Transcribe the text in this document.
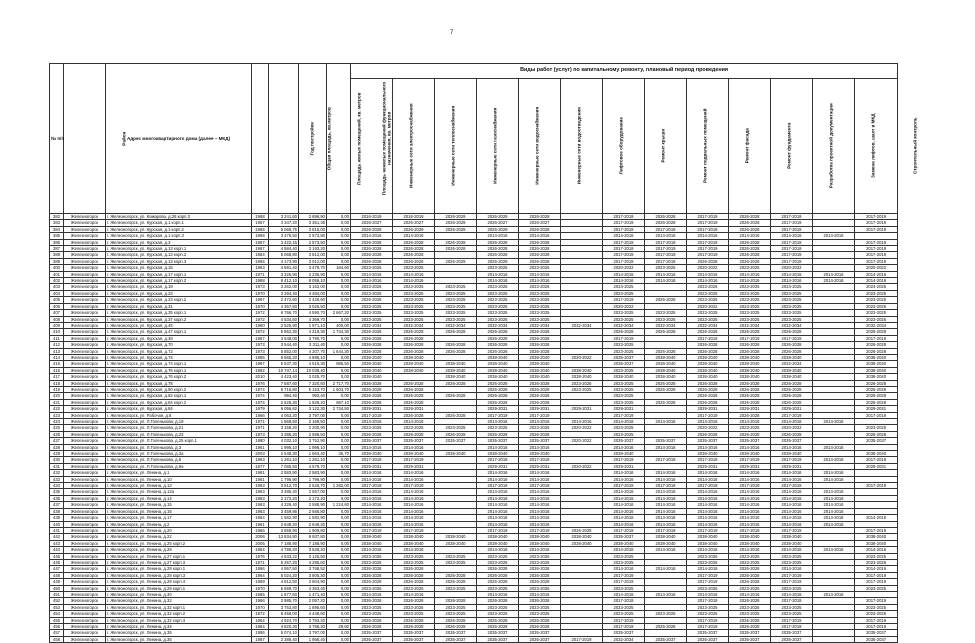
7
№ п/п	Район	Адрес многоквартирного дома (далее – МКД)	Год постройки	Общая площадь, кв.метров	Площадь жилых помещений, кв. метров	Площадь нежилых помещений функционального назначения, кв. метров	Виды работ (услуг) по капитальному ремонту, плановый период проведения												
							Инженерные сети электроснабжения	Инженерные сети теплоснабжения	Инженерные сети газоснабжения	Инженерные сети водоснабжения	Инженерные сети водоотведения	Лифтовое оборудование	Ремонт крыши	Ремонт подвальных помещений	Ремонт фасада	Ремонт фундамента	Разработка проектной документации	Замена лифтов, шахт в МКД	Строительный контроль
382	Железногорск	г. Железногорск, ул. Комарова, д.28 корп.3	1968	3 241,60	2 696,90	0,00	2016-2019	2016-2019	2026-2029	2026-2029	2026-2028		2017-2019	2026-2028	2017-2019	2026-2028	2017-2019		2017-2019
383	Железногорск	г. Железногорск, ул. Курская, д.1 корп.1	1967	4 347,20	3 351,35	0,00	2026-2027	2026-2027	2026-2029	2026-2027	2026-2027		2017-2019	2026-2028	2017-2019	2026-2028	2017-2019		2017-2019
384	Железногорск	г. Железногорск, ул. Курская, д.1 корп.2	1965	5 066,75	3 815,00	0,00	2026-2029	2026-2029	2026-2028	2026-2029	2026-2028		2017-2019	2017-2019	2017-2019	2026-2028	2017-2019		2017-2019
385	Железногорск	г. Железногорск, ул. Курская, д.1 корп.3	1968	3 476,50	2 573,80	0,00	2014-2016	2014-2016		2014-2016	2014-2016		2014-2016	2014-2016	2014-2016	2014-2016	2014-2016	2014-2016	
386	Железногорск	г. Железногорск, ул. Курская, д.3	1967	3 422,15	2 573,50	0,00	2026-2028	2026-2028	2026-2028	2026-2028	2026-2028		2017-2019	2017-2019	2017-2019	2026-2028	2017-2019		2017-2019
387	Железногорск	г. Железногорск, ул. Курская, д.13 корп.1	1967	4 584,40	3 193,20	0,00	2026-2028	2026-2028	2026-2028	2026-2028	2026-2028		2017-2019	2017-2019	2017-2019	2026-2028	2017-2019		2017-2019
388	Железногорск	г. Железногорск, ул. Курская, д.13 корп.2	1964	5 068,80	3 812,00	0,00	2026-2028	2026-2028		2026-2028	2026-2028		2017-2019	2017-2019	2017-2019	2026-2028	2017-2019		2017-2019
389	Железногорск	г. Железногорск, ул. Курская, д.13 корп.3	1965	4 173,90	3 012,00	0,00	2026-2028	2026-2028	2026-2029	2026-2029	2026-2028		2017-2019	2017-2019	2026-2028	2026-2028	2017-2019		2017-2019
400	Железногорск	г. Железногорск, ул. Курская, д.15	1963	4 591,40	3 479,70	164,60	2023-2025	2023-2025		2023-2025	2023-2025		2020-2022	2023-2025	2020-2022	2023-2025	2020-2022		2020-2022
401	Железногорск	г. Железногорск, ул. Курская, д.17 корп.1	1971	3 325,90	3 235,90	0,00	2014-2016	2014-2016		2014-2016	2014-2016		2014-2016	2014-2016	2014-2016	2014-2016	2014-2016	2014-2016	2014-2016
402	Железногорск	г. Железногорск, ул. Курская, д.17 корп.2	1988	8 412,10	8 059,10	0,00	2014-2016	2014-2016		2014-2016	2014-2016		2014-2016	2014-2016	2014-2016	2014-2016	2014-2016	2014-2016	2014-2016
403	Железногорск	г. Железногорск, ул. Курская, д.19	1973	3 262,00	3 162,00	0,00	2023-2025	2023-2025	2023-2025	2023-2025	2023-2025		2023-2025		2023-2025	2023-2025	2023-2025		2023-2025
404	Железногорск	г. Железногорск, ул. Курская, д.23	1970	3 294,40	4 484,00	0,00	2023-2025	2023-2025	2023-2025	2023-2025	2023-2025		2023-2025		2023-2025	2023-2025	2023-2025		2023-2025
405	Железногорск	г. Железногорск, ул. Курская, д.23 корп.2	1967	2 472,60	2 426,60	0,00	2026-2028	2023-2025	2023-2025	2023-2025	2023-2025		2017-2019	2026-2028	2023-2025	2023-2025	2023-2025		2023-2025
406	Железногорск	г. Железногорск, ул. Курская, д.31	1970	4 357,50	3 025,50	0,00	2023-2025	2023-2025	2023-2025	2023-2025	2023-2025		2020-2022		2020-2022	2023-2025	2023-2025		2023-2025
407	Железногорск	г. Железногорск, ул. Курская, д.35 корп.1	1972	6 766,70	4 590,70	2 667,20	2023-2025	2023-2025	2023-2025	2023-2025	2023-2025		2023-2025	2023-2025	2023-2025	2023-2025	2023-2025		2023-2025
408	Железногорск	г. Железногорск, ул. Курская, д.37 корп.2	1972	4 534,50	4 369,70	0,00	2023-2025	2023-2025	2023-2025	2023-2025	2023-2025		2023-2025	2023-2025	2023-2025	2023-2025	2023-2025		2023-2025
409	Железногорск	г. Железногорск, ул. Курская, д.45	1980	2 525,90	1 971,10	400,00	2032-2034	2032-2034	2032-2034	2032-2034	2032-2034	2032-2034	2032-2034	2032-2034	2032-2034	2032-2034	2032-2034		2032-2034
410	Железногорск	г. Железногорск, ул. Курская, д.47 корп.1	1972	5 852,30	4 218,30	1 734,30	2026-2028	2026-2028	2026-2028	2026-2028	2026-2028		2026-2028	2026-2028	2026-2028	2026-2028	2026-2028		2026-2028
411	Железногорск	г. Железногорск, ул. Курская, д.48	1967	3 548,00	3 790,70	0,00	2026-2028	2026-2028		2026-2028	2026-2028		2017-2019		2017-2019	2017-2019	2017-2019		2017-2019
412	Железногорск	г. Железногорск, ул. Курская, д.70	1973	3 544,40	3 311,40	0,00	2026-2028	2026-2028	2026-2028	2026-2028	2026-2028		2023-2025		2026-2028	2026-2028	2026-2028		2026-2028
413	Железногорск	г. Железногорск, ул. Курская, д.72	1973	5 852,00	4 207,70	1 644,30	2026-2028	2026-2028	2026-2028	2026-2028	2026-2028		2023-2025	2026-2028	2026-2028	2026-2028	2026-2028		2026-2028
414	Железногорск	г. Железногорск, ул. Курская, д.74	1985	6 565,20	4 885,10	0,00	2038-2040	2038-2040		2038-2040	2038-2040	2020-2022	2035-2037	2038-2040	2038-2040	2038-2040	2038-2040		2038-2040
415	Железногорск	г. Железногорск, ул. Курская, д.74 корп.1	1987	5 537,30	4 516,30	885,50	2038-2040	2038-2040	2038-2040	2038-2040	2038-2040		2035-2037	2038-2040	2038-2040	2038-2040	2032-2034		2038-2040
416	Железногорск	г. Железногорск, ул. Курская, д.76 корп.1	1992	10 747,14	10 039,40	0,00	2038-2040	2038-2040	2038-2040	2038-2040	2038-2040	2038-2040	2023-2025	2038-2040	2038-2040	2038-2040	2038-2040		2038-2040
417	Железногорск	г. Железногорск, ул. Курская, д.76 корп.2	2010	4 423,40	3 025,70	0,00	2038-2040		2038-2040	2038-2040	2038-2040	2038-2040	2038-2040	2038-2040	2038-2040	2038-2040	2038-2040		2038-2040
418	Железногорск	г. Железногорск, ул. Курская, д.78	1976	7 587,60	7 320,60	2 717,70	2026-2028	2026-2028	2026-2028	2026-2028	2026-2028	2023-2025	2023-2025	2026-2028	2026-2028	2026-2028	2026-2028		2026-2028
419	Железногорск	г. Железногорск, ул. Курская, д.80 корп.2	1974	6 716,80	5 153,70	1 603,70	2026-2028	2026-2028		2026-2028	2026-2028	2023-2025	2023-2025	2026-2028	2026-2028	2026-2028	2026-2028		2026-2028
420	Железногорск	г. Железногорск, ул. Курская, д.82 корп.1	1974	994,40	993,40	0,00	2026-2028	2026-2028	2026-2028	2026-2028	2026-2028		2023-2025		2026-2028	2026-2028	2026-2028		2026-2028
421	Железногорск	г. Железногорск, ул. Курская, д.84 корп.2	1974	2 626,30	1 826,20	887,10	2026-2028	2026-2028		2026-2028	2026-2028		2023-2025	2026-2028	2026-2028	2026-2028	2026-2028		2026-2028
422	Железногорск	г. Железногорск, ул. Курская, д.84	1979	6 056,62	3 122,30	2 734,50	2029-2031	2029-2031		2029-2031	2029-2031	2029-2031	2029-2031		2029-2031	2029-2031	2029-2031		2029-2031
423	Железногорск	г. Железногорск, ул. Рабочая, д.8	1966	4 063,20	3 797,00	0,00	2017-2019	2026-2028	2026-2028	2017-2019	2017-2019		2017-2019		2017-2019	2026-2028	2017-2019		2017-2019
424	Железногорск	г. Железногорск, ул. Л.Голенькова, д.19	1971	1 868,50	2 169,50	0,00	2014-2016	2014-2016		2014-2016	2014-2016	2014-2016	2014-2016	2014-2016	2014-2016	2014-2016	2014-2016	2014-2016	
425	Железногорск	г. Железногорск, ул. Л.Голенькова, д.21	1971	3 158,20	2 200,90	0,00	2023-2025	2023-2025	2023-2025	2023-2025	2023-2025	2020-2022	2023-2025		2020-2022	2023-2025	2020-2022		2023-2025
426	Железногорск	г. Железногорск, ул. Л.Голенькова, д.23	1973	3 386,20	2 588,50	0,00	2026-2028	2026-2028	2026-2028	2026-2028	2026-2028		2023-2025		2026-2028	2026-2028	2026-2028		2026-2028
427	Железногорск	г. Железногорск, ул. Л.Голенькова, д.25 корп.1	1980	4 032,10	3 752,90	0,00	2035-2037	2035-2037	2035-2037	2035-2037	2035-2037	2020-2022	2035-2037	2035-2037	2035-2037	2035-2037	2035-2037		2035-2037
428	Железногорск	г. Железногорск, ул. Л.Голенькова, д.3	1961	1 996,10	1 996,10	0,00	2014-2016	2014-2016		2014-2016	2014-2016		2014-2016	2014-2016	2014-2016	2014-2016	2014-2016	2014-2016	
429	Железногорск	г. Железногорск, ул. Л.Голенькова, д.3а	2003	2 548,30	1 663,40	35,70	2038-2040	2038-2040	2038-2040	2038-2040	2038-2040		2038-2040		2038-2040	2038-2040	2038-2040		2038-2040
430	Железногорск	г. Железногорск, ул. Л.Голенькова, д.5	1963	1 261,10	1 261,10	0,00	2017-2019	2017-2019		2017-2019	2017-2019		2017-2019	2017-2019	2017-2019	2017-2019	2017-2019	2014-2016	2017-2019
431	Железногорск	г. Железногорск, ул. Л.Голенькова, д.9а	1977	7 085,50	4 579,70	0,00	2029-2031	2029-2031		2029-2031	2029-2031	2020-2022	2029-2031		2029-2031	2029-2031	2029-2031		2029-2031
432	Железногорск	г. Железногорск, ул. Ленина, д.1	1961	2 583,90	2 583,90	0,00	2014-2016	2014-2016		2014-2016	2014-2016		2014-2016	2014-2016	2014-2016	2014-2016	2014-2016	2014-2016	
433	Железногорск	г. Железногорск, ул. Ленина, д.10	1961	1 796,90	1 796,90	0,00	2014-2016	2014-2016		2014-2016	2014-2016		2014-2016	2014-2016	2014-2016	2014-2016	2014-2016	2014-2016	
434	Железногорск	г. Железногорск, ул. Ленина, д.12	1963	3 812,70	2 526,70	1 282,00	2017-2019	2017-2019		2017-2019	2017-2019		2017-2019	2017-2019	2017-2019	2017-2019	2017-2019		2017-2019
435	Железногорск	г. Железногорск, ул. Ленина, д.12а	1963	3 485,40	2 557,00	0,00	2014-2016	2014-2016		2014-2016	2014-2016		2014-2016	2014-2016	2014-2016	2014-2016	2014-2016	2014-2016	
436	Железногорск	г. Железногорск, ул. Ленина, д.14	1963	2 172,20	2 172,20	0,00	2014-2016	2014-2016		2014-2016	2014-2016		2014-2016	2014-2016	2014-2016	2014-2016	2014-2016	2014-2016	
437	Железногорск	г. Железногорск, ул. Ленина, д.15	1963	4 226,40	2 588,90	1 224,60	2014-2016	2014-2016		2014-2016	2014-2016		2014-2016	2014-2016	2014-2016	2014-2016	2014-2016	2014-2016	
438	Железногорск	г. Железногорск, ул. Ленина, д.16	1963	3 459,86	2 566,80	0,00	2014-2016	2014-2016		2014-2016	2014-2016		2014-2016	2014-2016	2014-2016	2014-2016	2014-2016	2014-2016	
439	Железногорск	г. Железногорск, ул. Ленина, д.17	1964	1 582,90	1 582,90	0,00	2014-2016	2014-2016		2014-2016	2014-2016		2014-2016	2014-2016	2014-2016	2014-2016	2014-2016	2014-2016	2014-2016
440	Железногорск	г. Железногорск, ул. Ленина, д.2	1961	2 649,20	2 649,20	0,00	2014-2016	2014-2016		2014-2016	2014-2016		2014-2016	2014-2016	2014-2016	2014-2016	2014-2016	2014-2016	
441	Железногорск	г. Железногорск, ул. Ленина, д.20	1966	3 659,90	1 909,80	0,00	2017-2019	2017-2019		2017-2019	2017-2019	2026-2028	2017-2019	2017-2019	2017-2019	2017-2019	2017-2019		2017-2019
442	Железногорск	г. Железногорск, ул. Ленина, д.22	2006	13 834,80	9 937,80	0,00	2038-2040	2038-2040	2038-2040	2038-2040	2038-2040	2038-2040	2035-2037	2038-2040	2038-2040	2038-2040	2038-2040		2038-2040
443	Железногорск	г. Железногорск, ул. Ленина, д.25 корп.2	2005	7 188,90	7 188,90	0,00	2038-2040	2038-2040	2038-2040	2038-2040	2038-2040	2038-2040	2038-2040	2038-2040	2038-2040	2038-2040	2038-2040		2038-2040
444	Железногорск	г. Железногорск, ул. Ленина, д.26	1964	4 786,20	3 526,20	0,00	2014-2016	2014-2016		2014-2016	2014-2016		2014-2016	2014-2016	2014-2016	2014-2016	2014-2016	2014-2016	2014-2016
445	Железногорск	г. Железногорск, ул. Ленина, д.27 корп.1	1976	4 633,22	3 125,50	0,00	2023-2025	2023-2025	2023-2025	2023-2025	2023-2025		2023-2025		2023-2025	2023-2025	2023-2025		2023-2025
446	Железногорск	г. Железногорск, ул. Ленина, д.27 корп.3	1971	5 257,20	4 295,60	0,00	2023-2025	2023-2025	2023-2025	2023-2025	2023-2025		2023-2025		2023-2025	2023-2025	2023-2025		2023-2025
447	Железногорск	г. Железногорск, ул. Ленина, д.28 корп.1	1966	4 957,50	3 768,52	0,00	2026-2028	2026-2028		2026-2028	2026-2028		2014-2016	2014-2016	2014-2016	2026-2028	2014-2016		2014-2016
448	Железногорск	г. Железногорск, ул. Ленина, д.28 корп.3	1964	5 024,20	3 805,30	0,00	2026-2028	2026-2028	2026-2028	2026-2028	2026-2028		2017-2019		2017-2019	2026-2028	2017-2019		2017-2019
449	Железногорск	г. Железногорск, ул. Ленина, д.28 корп.4	1969	4 812,50	3 804,90	0,00	2026-2028	2026-2028	2026-2028	2026-2028	2026-2028		2017-2019		2017-2019	2026-2028	2017-2019		2017-2019
450	Железногорск	г. Железногорск, ул. Ленина, д.29 корп.1	1970	5 659,70	4 353,40	0,00	2023-2025	2023-2025	2023-2025	2023-2025	2023-2025		2023-2025		2023-2025	2023-2025	2023-2025		2023-2025
451	Железногорск	г. Железногорск, ул. Ленина, д.30	1965	1 677,60	1 471,40	0,00	2014-2016	2014-2016		2014-2016	2014-2016		2014-2016	2014-2016	2014-2016	2014-2016	2014-2016	2014-2016	
452	Железногорск	г. Железногорск, ул. Ленина, д.32	1966	2 985,70	2 057,20	0,00	2026-2028	2026-2028	2026-2028	2026-2028	2026-2028		2017-2019		2017-2019	2026-2028	2017-2019		2017-2019
453	Железногорск	г. Железногорск, ул. Ленина, д.32 корп.1	1970	3 753,80	1 895,60	0,00	2023-2025	2023-2025	2023-2025	2023-2025	2023-2025		2023-2025		2023-2025	2023-2025	2023-2025		2023-2025
454	Железногорск	г. Железногорск, ул. Ленина, д.32 корп.2	1972	6 458,00	4 448,60	0,00	2023-2025	2023-2025	2023-2025	2023-2025	2023-2025		2023-2025	2023-2025	2023-2025	2023-2025	2023-2025		2023-2025
455	Железногорск	г. Железногорск, ул. Ленина, д.32 корп.3	1964	4 924,70	3 793,20	0,00	2026-2028	2026-2028	2026-2028	2026-2028	2026-2028		2017-2019		2017-2019	2026-2028	2017-2019		2017-2019
456	Железногорск	г. Железногорск, ул. Ленина, д.34	1964	4 820,30	3 768,30	29,60	2026-2028	2026-2028	2026-2028	2026-2028	2026-2028		2017-2019	2026-2028	2017-2019	2026-2028	2017-2019		2017-2019
457	Железногорск	г. Железногорск, ул. Ленина, д.35	1986	5 074,10	3 797,00	0,00	2035-2037	2035-2037	2035-2037	2035-2037	2035-2037		2035-2037		2035-2037	2035-2037	2035-2037		2035-2037
458	Железногорск	г. Железногорск, ул. Ленина, д.36	1987	2 386,40	1 958,40	0,00	2035-2037	2035-2037	2035-2037	2035-2037	2035-2037	2017-2019	2032-2034	2035-2037	2035-2037	2035-2037	2035-2037		2035-2037
